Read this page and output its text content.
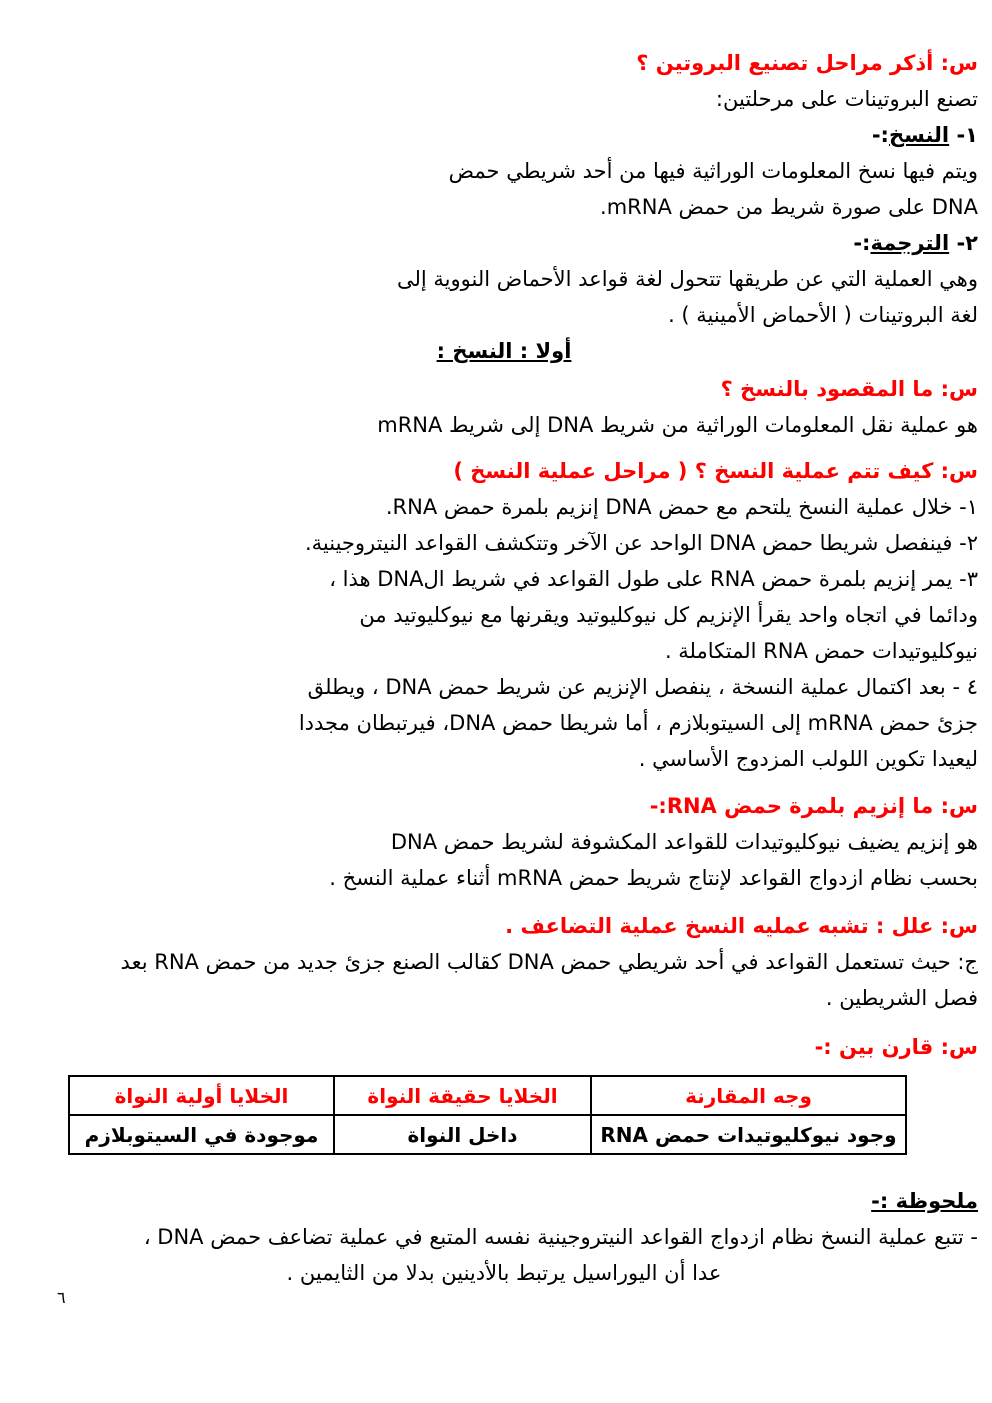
س: أذكر مراحل تصنيع البروتين ؟
تصنع البروتينات على مرحلتين:
١- النسخ:-
ويتم فيها نسخ المعلومات الوراثية فيها من أحد شريطي حمض
DNA على صورة شريط من حمض mRNA.
٢- الترجمة:-
وهي العملية التي عن طريقها تتحول لغة قواعد الأحماض النووية إلى
لغة البروتينات ( الأحماض الأمينية ) .
أولا : النسخ :
س: ما المقصود بالنسخ ؟
هو عملية نقل المعلومات الوراثية من شريط DNA إلى شريط mRNA
س: كيف تتم عملية النسخ ؟ ( مراحل عملية النسخ )
١- خلال عملية النسخ يلتحم مع حمض DNA إنزيم بلمرة حمض RNA.
٢- فينفصل شريطا حمض DNA الواحد عن الآخر وتتكشف القواعد النيتروجينية.
٣- يمر إنزيم بلمرة حمض RNA على طول القواعد في شريط الDNA هذا ،
ودائما في اتجاه واحد يقرأ الإنزيم كل نيوكليوتيد ويقرنها مع نيوكليوتيد من
نيوكليوتيدات حمض RNA المتكاملة .
٤ - بعد اكتمال عملية النسخة ، ينفصل الإنزيم عن شريط حمض DNA ، ويطلق
جزئ حمض mRNA إلى السيتوبلازم ، أما شريطا حمض DNA، فيرتبطان مجددا
ليعيدا تكوين اللولب المزدوج الأساسي .
س: ما إنزيم بلمرة حمض RNA:-
هو إنزيم يضيف نيوكليوتيدات للقواعد المكشوفة لشريط حمض DNA
بحسب نظام ازدواج القواعد لإنتاج شريط حمض mRNA أثناء عملية النسخ .
س: علل : تشبه عمليه النسخ عملية التضاعف .
ج: حيث تستعمل القواعد في أحد شريطي حمض DNA كقالب الصنع جزئ جديد من حمض RNA بعد
فصل الشريطين .
س: قارن بين :-
وجه المقارنة	الخلايا حقيقة النواة	الخلايا أولية النواة
وجود نيوكليوتيدات حمض RNA	داخل النواة	موجودة في السيتوبلازم
ملحوظة :-
- تتبع عملية النسخ نظام ازدواج القواعد النيتروجينية نفسه المتبع في عملية تضاعف حمض DNA ،
عدا أن اليوراسيل يرتبط بالأدينين بدلا من الثايمين .
٦
